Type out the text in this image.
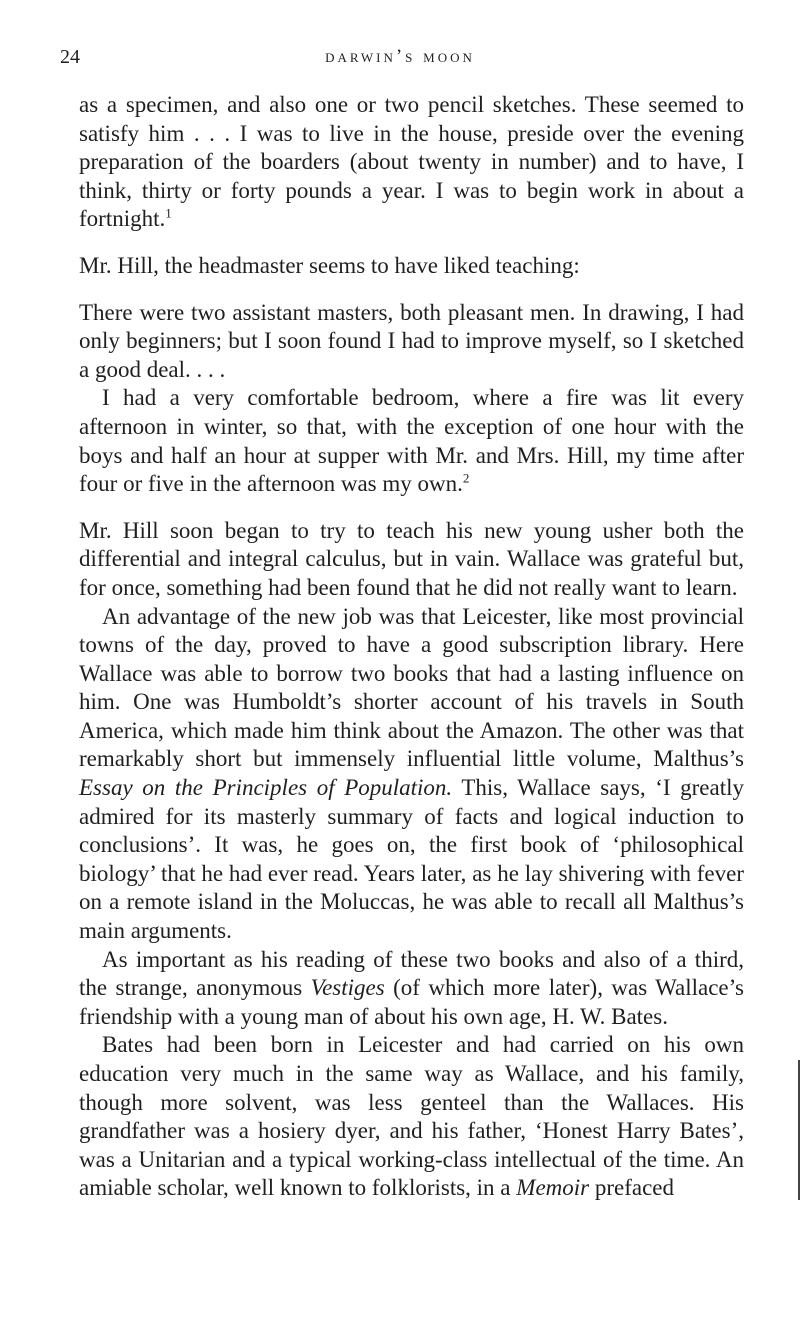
24	darwin’s moon

as a specimen, and also one or two pencil sketches. These seemed to satisfy him . . . I was to live in the house, preside over the evening preparation of the boarders (about twenty in number) and to have, I think, thirty or forty pounds a year. I was to begin work in about a fortnight.$^1$

Mr. Hill, the headmaster seems to have liked teaching:

There were two assistant masters, both pleasant men. In drawing, I had only beginners; but I soon found I had to improve myself, so I sketched a good deal. . . .

I had a very comfortable bedroom, where a fire was lit every afternoon in winter, so that, with the exception of one hour with the boys and half an hour at supper with Mr. and Mrs. Hill, my time after four or five in the afternoon was my own.$^2$

Mr. Hill soon began to try to teach his new young usher both the differential and integral calculus, but in vain. Wallace was grateful but, for once, something had been found that he did not really want to learn.

An advantage of the new job was that Leicester, like most provincial towns of the day, proved to have a good subscription library. Here Wallace was able to borrow two books that had a lasting influence on him. One was Humboldt’s shorter account of his travels in South America, which made him think about the Amazon. The other was that remarkably short but immensely influential little volume, Malthus’s Essay on the Principles of Population. This, Wallace says, ‘I greatly admired for its masterly summary of facts and logical induction to conclusions’. It was, he goes on, the first book of ‘philosophical biology’ that he had ever read. Years later, as he lay shivering with fever on a remote island in the Moluccas, he was able to recall all Malthus’s main arguments.

As important as his reading of these two books and also of a third, the strange, anonymous Vestiges (of which more later), was Wallace’s friendship with a young man of about his own age, H. W. Bates.

Bates had been born in Leicester and had carried on his own education very much in the same way as Wallace, and his family, though more solvent, was less genteel than the Wallaces. His grandfather was a hosiery dyer, and his father, ‘Honest Harry Bates’, was a Unitarian and a typical working-class intellectual of the time. An amiable scholar, well known to folklorists, in a Memoir prefaced
